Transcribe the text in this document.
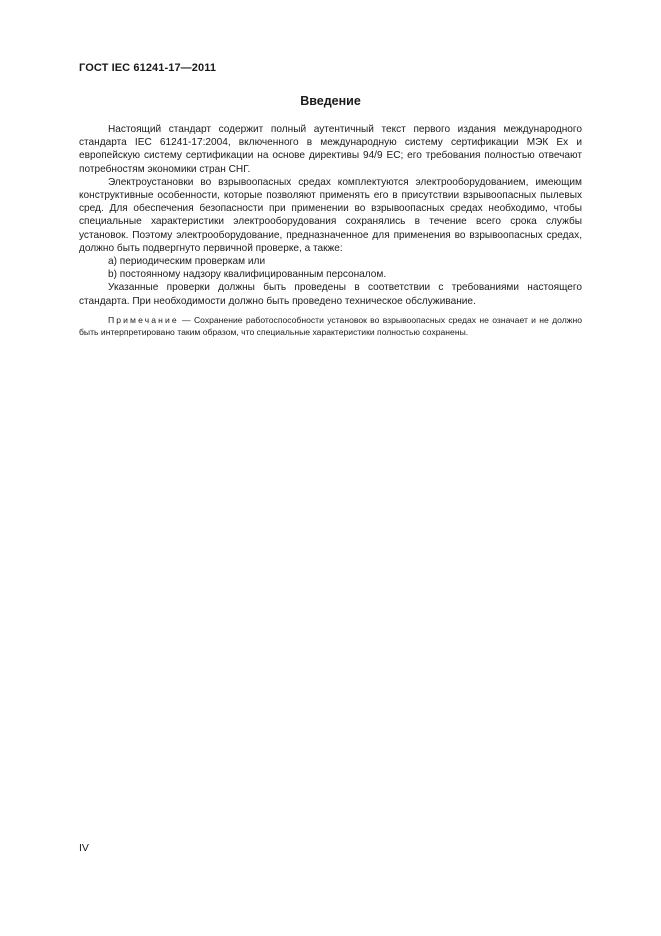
ГОСТ IEC 61241-17—2011
Введение

Настоящий стандарт содержит полный аутентичный текст первого издания международного стандарта IEC 61241-17:2004, включенного в международную систему сертификации МЭК Ex и европейскую систему сертификации на основе директивы 94/9 ЕС; его требования полностью отвечают потребностям экономики стран СНГ.

Электроустановки во взрывоопасных средах комплектуются электрооборудованием, имеющим конструктивные особенности, которые позволяют применять его в присутствии взрывоопасных пылевых сред. Для обеспечения безопасности при применении во взрывоопасных средах необходимо, чтобы специальные характеристики электрооборудования сохранялись в течение всего срока службы установок. Поэтому электрооборудование, предназначенное для применения во взрывоопасных средах, должно быть подвергнуто первичной проверке, а также:

a) периодическим проверкам или

b) постоянному надзору квалифицированным персоналом.

Указанные проверки должны быть проведены в соответствии с требованиями настоящего стандарта. При необходимости должно быть проведено техническое обслуживание.

Примечание — Сохранение работоспособности установок во взрывоопасных средах не означает и не должно быть интерпретировано таким образом, что специальные характеристики полностью сохранены.

IV
